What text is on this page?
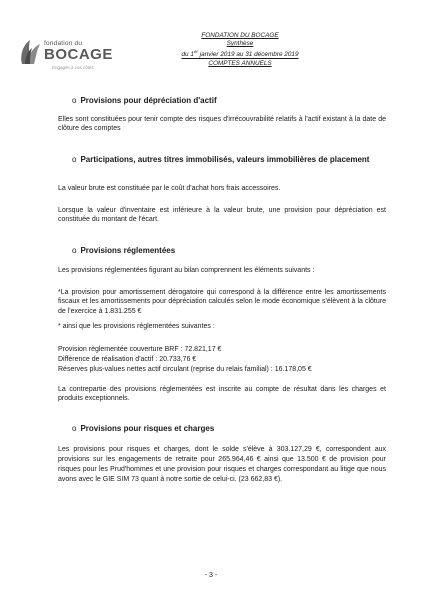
fondation du
BOCAGE
Engagés à vos côtés
FONDATION DU BOCAGE
Synthèse
du 1er janvier 2019 au 31 décembre 2019
COMPTES ANNUELS
o Provisions pour dépréciation d'actif
Elles sont constituées pour tenir compte des risques d'irrécouvrabilité relatifs à l'actif existant à la date de clôture des comptes
o Participations, autres titres immobilisés, valeurs immobilières de placement
La valeur brute est constituée par le coût d'achat hors frais accessoires.
Lorsque la valeur d'inventaire est inférieure à la valeur brute, une provision pour dépréciation est constituée du montant de l'écart.
o Provisions réglementées
Les provisions réglementées figurant au bilan comprennent les éléments suivants :
*La provision pour amortissement dérogatoire qui correspond à la différence entre les amortissements fiscaux et les amortissements pour dépréciation calculés selon le mode économique s'élèvent à la clôture de l'exercice à 1.831.255 €
* ainsi que les provisions réglementées suivantes :
Provision règlementée couverture BRF : 72.821,17 €
Différence de réalisation d'actif : 20.733,76 €
Réserves plus-values nettes actif circulant (reprise du relais familial) : 16.178,05 €
La contrepartie des provisions réglementées est inscrite au compte de résultat dans les charges et produits exceptionnels.
o Provisions pour risques et charges
Les provisions pour risques et charges, dont le solde s'élève à 303.127,29 €, correspondent aux provisions sur les engagements de retraite pour 265.964,46 € ainsi que 13.500 € de provision pour risques pour les Prud'hommes et une provision pour risques et charges correspondant au litige que nous avons avec le GIE SIM 73 quant à notre sortie de celui-ci. (23 662,83 €).
- 3 -
